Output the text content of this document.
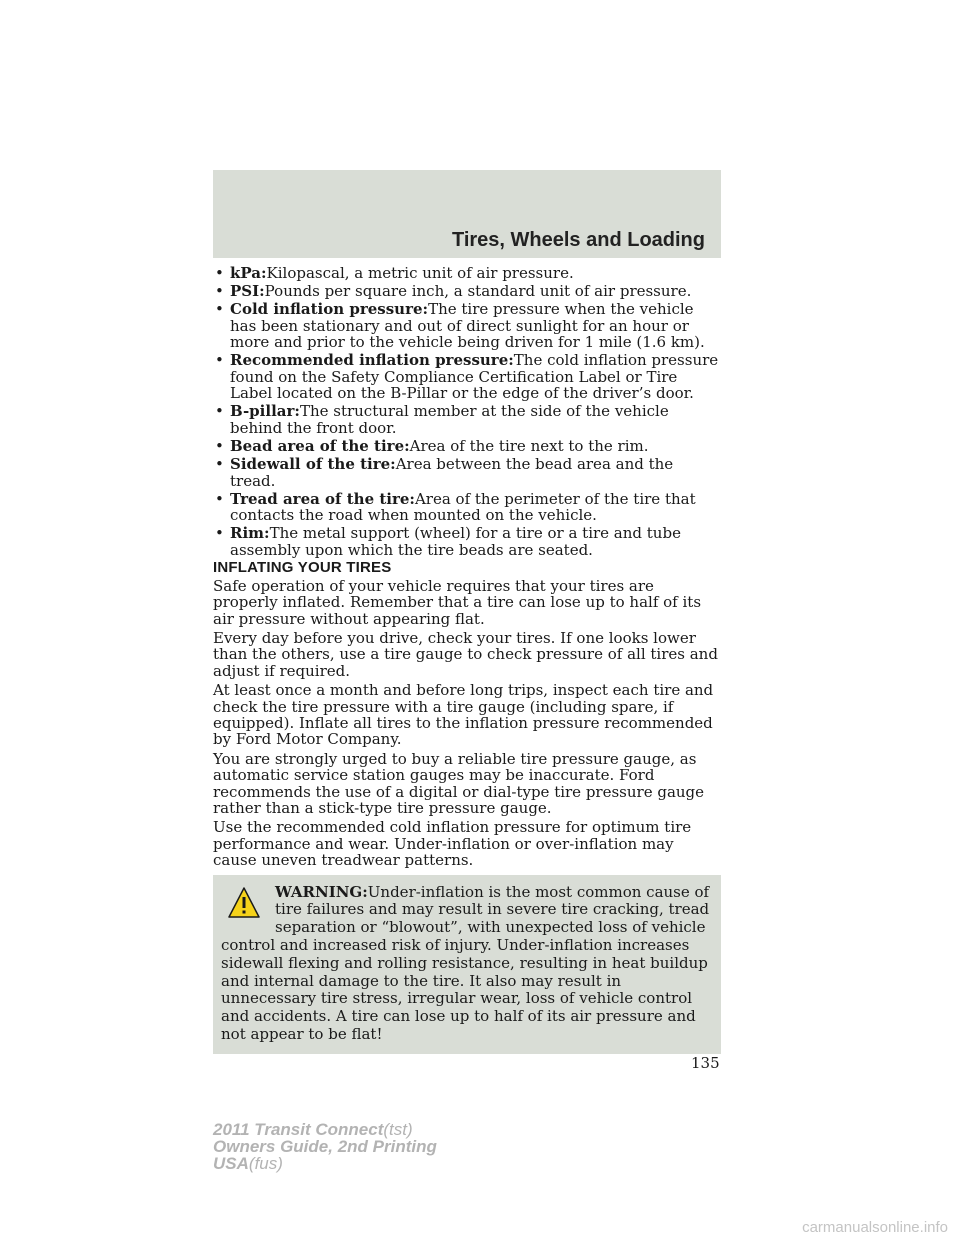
Tires, Wheels and Loading
• kPa:Kilopascal, a metric unit of air pressure.
• PSI:Pounds per square inch, a standard unit of air pressure.
• Cold inflation pressure:The tire pressure when the vehicle has been stationary and out of direct sunlight for an hour or more and prior to the vehicle being driven for 1 mile (1.6 km).
• Recommended inflation pressure:The cold inflation pressure found on the Safety Compliance Certification Label or Tire Label located on the B-Pillar or the edge of the driver’s door.
• B-pillar:The structural member at the side of the vehicle behind the front door.
• Bead area of the tire:Area of the tire next to the rim.
• Sidewall of the tire:Area between the bead area and the tread.
• Tread area of the tire:Area of the perimeter of the tire that contacts the road when mounted on the vehicle.
• Rim:The metal support (wheel) for a tire or a tire and tube assembly upon which the tire beads are seated.
INFLATING YOUR TIRES

Safe operation of your vehicle requires that your tires are properly inflated. Remember that a tire can lose up to half of its air pressure without appearing flat.

Every day before you drive, check your tires. If one looks lower than the others, use a tire gauge to check pressure of all tires and adjust if required.

At least once a month and before long trips, inspect each tire and check the tire pressure with a tire gauge (including spare, if equipped). Inflate all tires to the inflation pressure recommended by Ford Motor Company.

You are strongly urged to buy a reliable tire pressure gauge, as automatic service station gauges may be inaccurate. Ford recommends the use of a digital or dial-type tire pressure gauge rather than a stick-type tire pressure gauge.

Use the recommended cold inflation pressure for optimum tire performance and wear. Under-inflation or over-inflation may cause uneven treadwear patterns.

WARNING:Under-inflation is the most common cause of tire failures and may result in severe tire cracking, tread separation or “blowout”, with unexpected loss of vehicle control and increased risk of injury. Under-inflation increases sidewall flexing and rolling resistance, resulting in heat buildup and internal damage to the tire. It also may result in unnecessary tire stress, irregular wear, loss of vehicle control and accidents. A tire can lose up to half of its air pressure and not appear to be flat!
135
2011 Transit Connect(tst)
Owners Guide, 2nd Printing
USA(fus)
carmanualsonline.info
